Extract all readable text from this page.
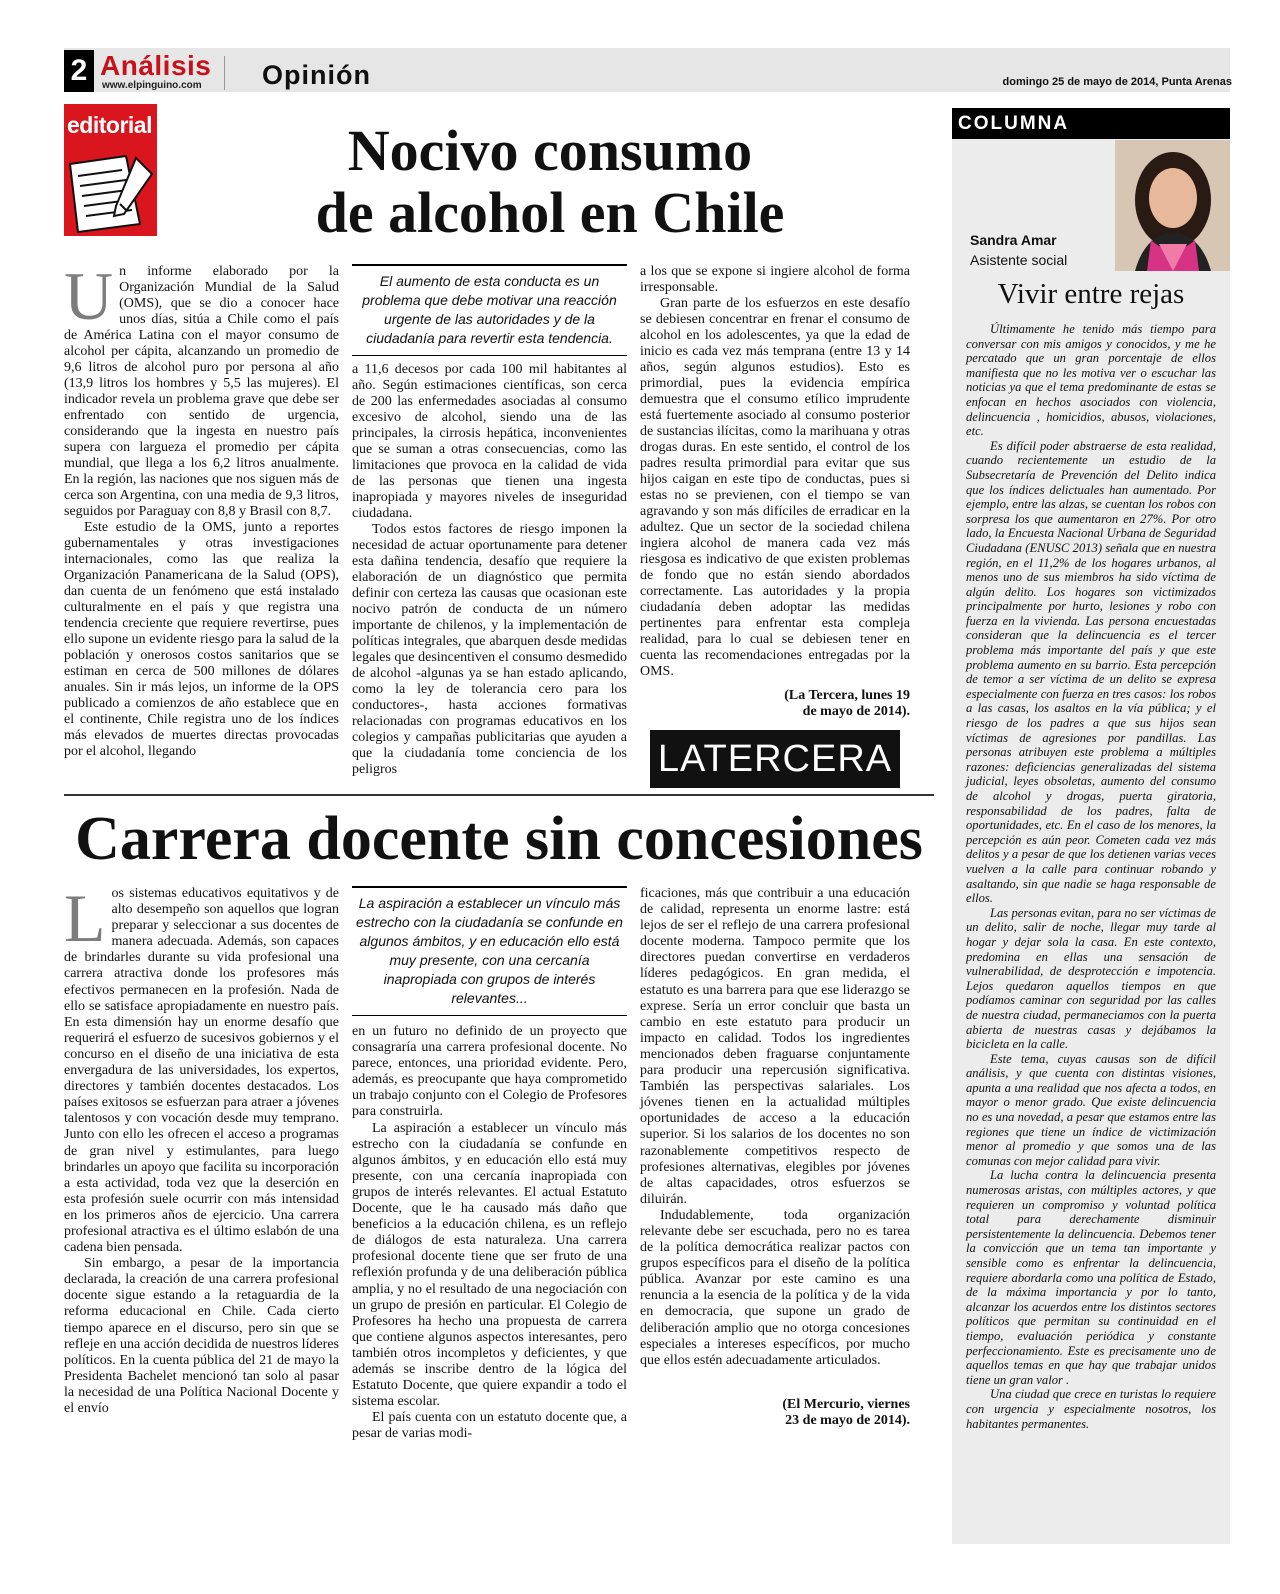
2 Análisis
www.elpinguino.com Opinión	domingo 25 de mayo de 2014, Punta Arenas
editorial	Nocivo consumo
de alcohol en Chile
U n informe elaborado por la Organización Mundial de la Salud (OMS), que se dio a conocer hace unos días, sitúa a Chile como el país de América Latina con el mayor consumo de alcohol per cápita, alcanzando un promedio de 9,6 litros de alcohol puro por persona al año (13,9 litros los hombres y 5,5 las mujeres). El indicador revela un problema grave que debe ser enfrentado con sentido de urgencia, considerando que la ingesta en nuestro país supera con largueza el promedio per cápita mundial, que llega a los 6,2 litros anualmente. En la región, las naciones que nos siguen más de cerca son Argentina, con una media de 9,3 litros, seguidos por Paraguay con 8,8 y Brasil con 8,7.

Este estudio de la OMS, junto a reportes gubernamentales y otras investigaciones internacionales, como las que realiza la Organización Panamericana de la Salud (OPS), dan cuenta de un fenómeno que está instalado culturalmente en el país y que registra una tendencia creciente que requiere revertirse, pues ello supone un evidente riesgo para la salud de la población y onerosos costos sanitarios que se estiman en cerca de 500 millones de dólares anuales. Sin ir más lejos, un informe de la OPS publicado a comienzos de año establece que en el continente, Chile registra uno de los índices más elevados de muertes directas provocadas por el alcohol, llegando

El aumento de esta conducta es un problema que debe motivar una reacción urgente de las autoridades y de la ciudadanía para revertir esta tendencia.

a 11,6 decesos por cada 100 mil habitantes al año. Según estimaciones científicas, son cerca de 200 las enfermedades asociadas al consumo excesivo de alcohol, siendo una de las principales, la cirrosis hepática, inconvenientes que se suman a otras consecuencias, como las limitaciones que provoca en la calidad de vida de las personas que tienen una ingesta inapropiada y mayores niveles de inseguridad ciudadana.

Todos estos factores de riesgo imponen la necesidad de actuar oportunamente para detener esta dañina tendencia, desafío que requiere la elaboración de un diagnóstico que permita definir con certeza las causas que ocasionan este nocivo patrón de conducta de un número importante de chilenos, y la implementación de políticas integrales, que abarquen desde medidas legales que desincentiven el consumo desmedido de alcohol -algunas ya se han estado aplicando, como la ley de tolerancia cero para los conductores-, hasta acciones formativas relacionadas con programas educativos en los colegios y campañas publicitarias que ayuden a que la ciudadanía tome conciencia de los peligros

a los que se expone si ingiere alcohol de forma irresponsable.

Gran parte de los esfuerzos en este desafío se debiesen concentrar en frenar el consumo de alcohol en los adolescentes, ya que la edad de inicio es cada vez más temprana (entre 13 y 14 años, según algunos estudios). Esto es primordial, pues la evidencia empírica demuestra que el consumo etílico imprudente está fuertemente asociado al consumo posterior de sustancias ilícitas, como la marihuana y otras drogas duras. En este sentido, el control de los padres resulta primordial para evitar que sus hijos caigan en este tipo de conductas, pues si estas no se previenen, con el tiempo se van agravando y son más difíciles de erradicar en la adultez. Que un sector de la sociedad chilena ingiera alcohol de manera cada vez más riesgosa es indicativo de que existen problemas de fondo que no están siendo abordados correctamente. Las autoridades y la propia ciudadanía deben adoptar las medidas pertinentes para enfrentar esta compleja realidad, para lo cual se debiesen tener en cuenta las recomendaciones entregadas por la OMS.

(La Tercera, lunes 19
de mayo de 2014).
LATERCERA
Carrera docente sin concesiones
L os sistemas educativos equitativos y de alto desempeño son aquellos que logran preparar y seleccionar a sus docentes de manera adecuada. Además, son capaces de brindarles durante su vida profesional una carrera atractiva donde los profesores más efectivos permanecen en la profesión. Nada de ello se satisface apropiadamente en nuestro país. En esta dimensión hay un enorme desafío que requerirá el esfuerzo de sucesivos gobiernos y el concurso en el diseño de una iniciativa de esta envergadura de las universidades, los expertos, directores y también docentes destacados. Los países exitosos se esfuerzan para atraer a jóvenes talentosos y con vocación desde muy temprano. Junto con ello les ofrecen el acceso a programas de gran nivel y estimulantes, para luego brindarles un apoyo que facilita su incorporación a esta actividad, toda vez que la deserción en esta profesión suele ocurrir con más intensidad en los primeros años de ejercicio. Una carrera profesional atractiva es el último eslabón de una cadena bien pensada.

Sin embargo, a pesar de la importancia declarada, la creación de una carrera profesional docente sigue estando a la retaguardia de la reforma educacional en Chile. Cada cierto tiempo aparece en el discurso, pero sin que se refleje en una acción decidida de nuestros líderes políticos. En la cuenta pública del 21 de mayo la Presidenta Bachelet mencionó tan solo al pasar la necesidad de una Política Nacional Docente y el envío

La aspiración a establecer un vínculo más estrecho con la ciudadanía se confunde en algunos ámbitos, y en educación ello está muy presente, con una cercanía inapropiada con grupos de interés relevantes...

en un futuro no definido de un proyecto que consagraría una carrera profesional docente. No parece, entonces, una prioridad evidente. Pero, además, es preocupante que haya comprometido un trabajo conjunto con el Colegio de Profesores para construirla.

La aspiración a establecer un vínculo más estrecho con la ciudadanía se confunde en algunos ámbitos, y en educación ello está muy presente, con una cercanía inapropiada con grupos de interés relevantes. El actual Estatuto Docente, que le ha causado más daño que beneficios a la educación chilena, es un reflejo de diálogos de esta naturaleza. Una carrera profesional docente tiene que ser fruto de una reflexión profunda y de una deliberación pública amplia, y no el resultado de una negociación con un grupo de presión en particular. El Colegio de Profesores ha hecho una propuesta de carrera que contiene algunos aspectos interesantes, pero también otros incompletos y deficientes, y que además se inscribe dentro de la lógica del Estatuto Docente, que quiere expandir a todo el sistema escolar.

El país cuenta con un estatuto docente que, a pesar de varias modi-

ficaciones, más que contribuir a una educación de calidad, representa un enorme lastre: está lejos de ser el reflejo de una carrera profesional docente moderna. Tampoco permite que los directores puedan convertirse en verdaderos líderes pedagógicos. En gran medida, el estatuto es una barrera para que ese liderazgo se exprese. Sería un error concluir que basta un cambio en este estatuto para producir un impacto en calidad. Todos los ingredientes mencionados deben fraguarse conjuntamente para producir una repercusión significativa. También las perspectivas salariales. Los jóvenes tienen en la actualidad múltiples oportunidades de acceso a la educación superior. Si los salarios de los docentes no son razonablemente competitivos respecto de profesiones alternativas, elegibles por jóvenes de altas capacidades, otros esfuerzos se diluirán.

Indudablemente, toda organización relevante debe ser escuchada, pero no es tarea de la política democrática realizar pactos con grupos específicos para el diseño de la política pública. Avanzar por este camino es una renuncia a la esencia de la política y de la vida en democracia, que supone un grado de deliberación amplio que no otorga concesiones especiales a intereses específicos, por mucho que ellos estén adecuadamente articulados.

(El Mercurio, viernes
23 de mayo de 2014).
COLUMNA
Sandra Amar
Asistente social
Vivir entre rejas

Últimamente he tenido más tiempo para conversar con mis amigos y conocidos, y me he percatado que un gran porcentaje de ellos manifiesta que no les motiva ver o escuchar las noticias ya que el tema predominante de estas se enfocan en hechos asociados con violencia, delincuencia , homicidios, abusos, violaciones, etc.

Es difícil poder abstraerse de esta realidad, cuando recientemente un estudio de la Subsecretaría de Prevención del Delito indica que los índices delictuales han aumentado. Por ejemplo, entre las alzas, se cuentan los robos con sorpresa los que aumentaron en 27%. Por otro lado, la Encuesta Nacional Urbana de Seguridad Ciudadana (ENUSC 2013) señala que en nuestra región, en el 11,2% de los hogares urbanos, al menos uno de sus miembros ha sido víctima de algún delito. Los hogares son victimizados principalmente por hurto, lesiones y robo con fuerza en la vivienda. Las persona encuestadas consideran que la delincuencia es el tercer problema más importante del país y que este problema aumento en su barrio. Esta percepción de temor a ser víctima de un delito se expresa especialmente con fuerza en tres casos: los robos a las casas, los asaltos en la vía pública; y el riesgo de los padres a que sus hijos sean víctimas de agresiones por pandillas. Las personas atribuyen este problema a múltiples razones: deficiencias generalizadas del sistema judicial, leyes obsoletas, aumento del consumo de alcohol y drogas, puerta giratoria, responsabilidad de los padres, falta de oportunidades, etc. En el caso de los menores, la percepción es aún peor. Cometen cada vez más delitos y a pesar de que los detienen varias veces vuelven a la calle para continuar robando y asaltando, sin que nadie se haga responsable de ellos.

Las personas evitan, para no ser víctimas de un delito, salir de noche, llegar muy tarde al hogar y dejar sola la casa. En este contexto, predomina en ellas una sensación de vulnerabilidad, de desprotección e impotencia. Lejos quedaron aquellos tiempos en que podíamos caminar con seguridad por las calles de nuestra ciudad, permaneciamos con la puerta abierta de nuestras casas y dejábamos la bicicleta en la calle.

Este tema, cuyas causas son de difícil análisis, y que cuenta con distintas visiones, apunta a una realidad que nos afecta a todos, en mayor o menor grado. Que existe delincuencia no es una novedad, a pesar que estamos entre las regiones que tiene un índice de victimización menor al promedio y que somos una de las comunas con mejor calidad para vivir.

La lucha contra la delincuencia presenta numerosas aristas, con múltiples actores, y que requieren un compromiso y voluntad política total para derechamente disminuir persistentemente la delincuencia. Debemos tener la convicción que un tema tan importante y sensible como es enfrentar la delincuencia, requiere abordarla como una política de Estado, de la máxima importancia y por lo tanto, alcanzar los acuerdos entre los distintos sectores políticos que permitan su continuidad en el tiempo, evaluación periódica y constante perfeccionamiento. Este es precisamente uno de aquellos temas en que hay que trabajar unidos tiene un gran valor .

Una ciudad que crece en turistas lo requiere con urgencia y especialmente nosotros, los habitantes permanentes.
